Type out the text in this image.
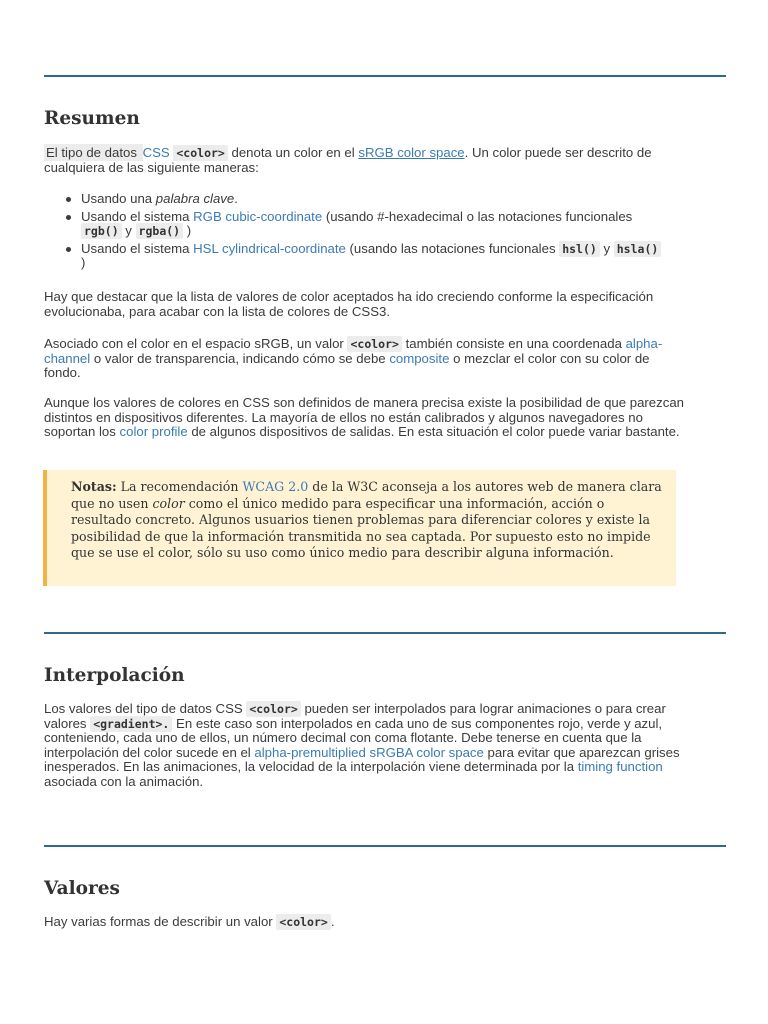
Resumen

El tipo de datos CSS <color> denota un color en el sRGB color space. Un color puede ser descrito de cualquiera de las siguiente maneras:

Usando una palabra clave.
Usando el sistema RGB cubic-coordinate (usando #-hexadecimal o las notaciones funcionales rgb() y rgba() )
Usando el sistema HSL cylindrical-coordinate (usando las notaciones funcionales hsl() y hsla() )

Hay que destacar que la lista de valores de color aceptados ha ido creciendo conforme la especificación evolucionaba, para acabar con la lista de colores de CSS3.

Asociado con el color en el espacio sRGB, un valor <color> también consiste en una coordenada alpha-channel o valor de transparencia, indicando cómo se debe composite o mezclar el color con su color de fondo.

Aunque los valores de colores en CSS son definidos de manera precisa existe la posibilidad de que parezcan distintos en dispositivos diferentes. La mayoría de ellos no están calibrados y algunos navegadores no soportan los color profile de algunos dispositivos de salidas. En esta situación el color puede variar bastante.

Notas: La recomendación WCAG 2.0 de la W3C aconseja a los autores web de manera clara que no usen color como el único medido para especificar una información, acción o resultado concreto. Algunos usuarios tienen problemas para diferenciar colores y existe la posibilidad de que la información transmitida no sea captada. Por supuesto esto no impide que se use el color, sólo su uso como único medio para describir alguna información.
Interpolación

Los valores del tipo de datos CSS <color> pueden ser interpolados para lograr animaciones o para crear valores <gradient>. En este caso son interpolados en cada uno de sus componentes rojo, verde y azul, conteniendo, cada uno de ellos, un número decimal con coma flotante. Debe tenerse en cuenta que la interpolación del color sucede en el alpha-premultiplied sRGBA color space para evitar que aparezcan grises inesperados. En las animaciones, la velocidad de la interpolación viene determinada por la timing function asociada con la animación.

Valores

Hay varias formas de describir un valor <color> .
